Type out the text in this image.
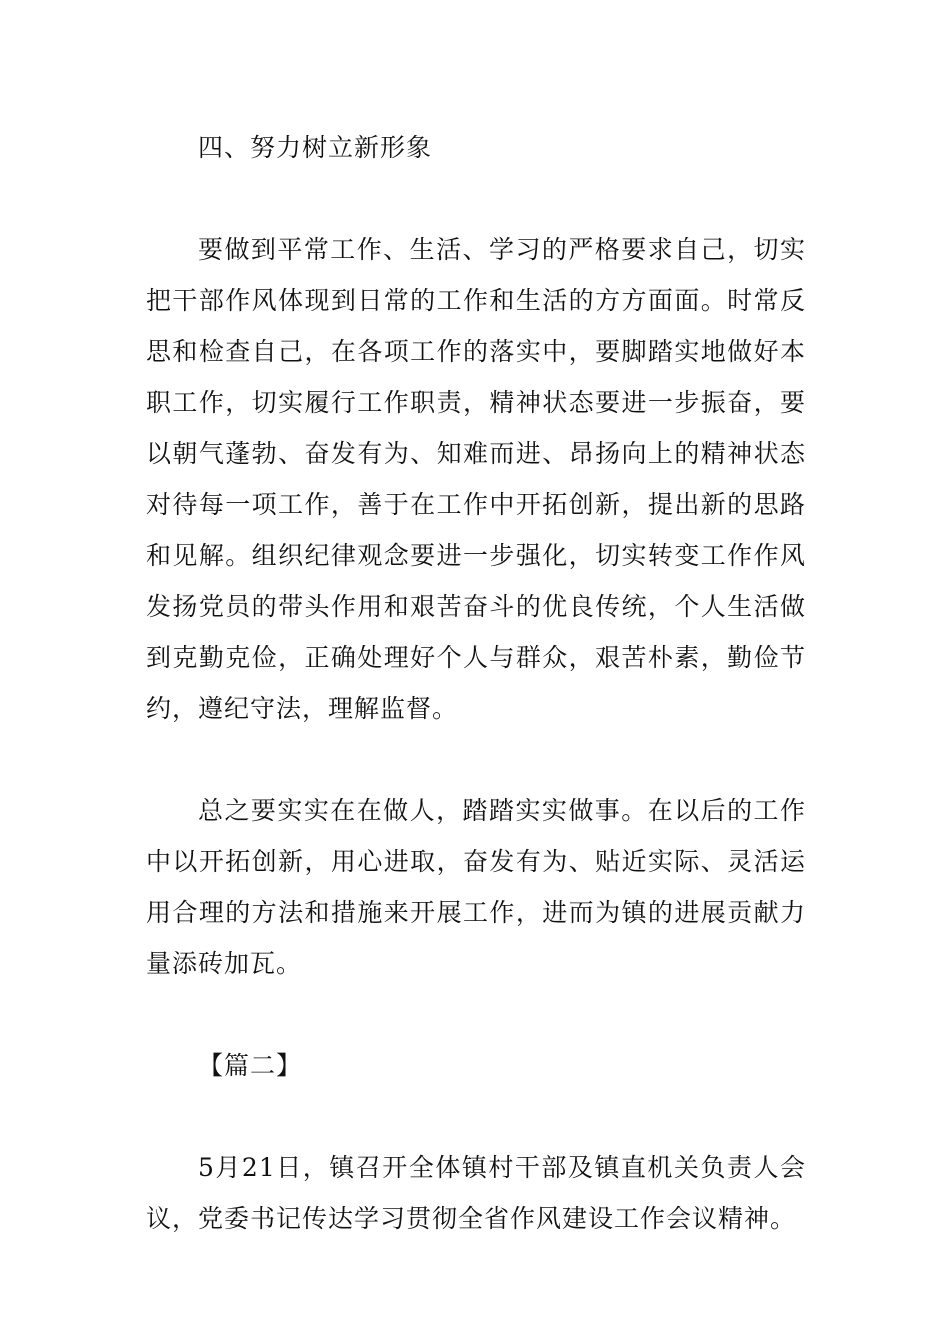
四、努力树立新形象

要做到平常工作、生活、学习的严格要求自己，切实把干部作风体现到日常的工作和生活的方方面面。时常反思和检查自己，在各项工作的落实中，要脚踏实地做好本职工作，切实履行工作职责，精神状态要进一步振奋，要以朝气蓬勃、奋发有为、知难而进、昂扬向上的精神状态对待每一项工作，善于在工作中开拓创新，提出新的思路和见解。组织纪律观念要进一步强化，切实转变工作作风发扬党员的带头作用和艰苦奋斗的优良传统，个人生活做到克勤克俭，正确处理好个人与群众，艰苦朴素，勤俭节约，遵纪守法，理解监督。

总之要实实在在做人，踏踏实实做事。在以后的工作中以开拓创新，用心进取，奋发有为、贴近实际、灵活运用合理的方法和措施来开展工作，进而为镇的进展贡献力量添砖加瓦。

【篇二】

5月21日，镇召开全体镇村干部及镇直机关负责人会议，党委书记传达学习贯彻全省作风建设工作会议精神。
